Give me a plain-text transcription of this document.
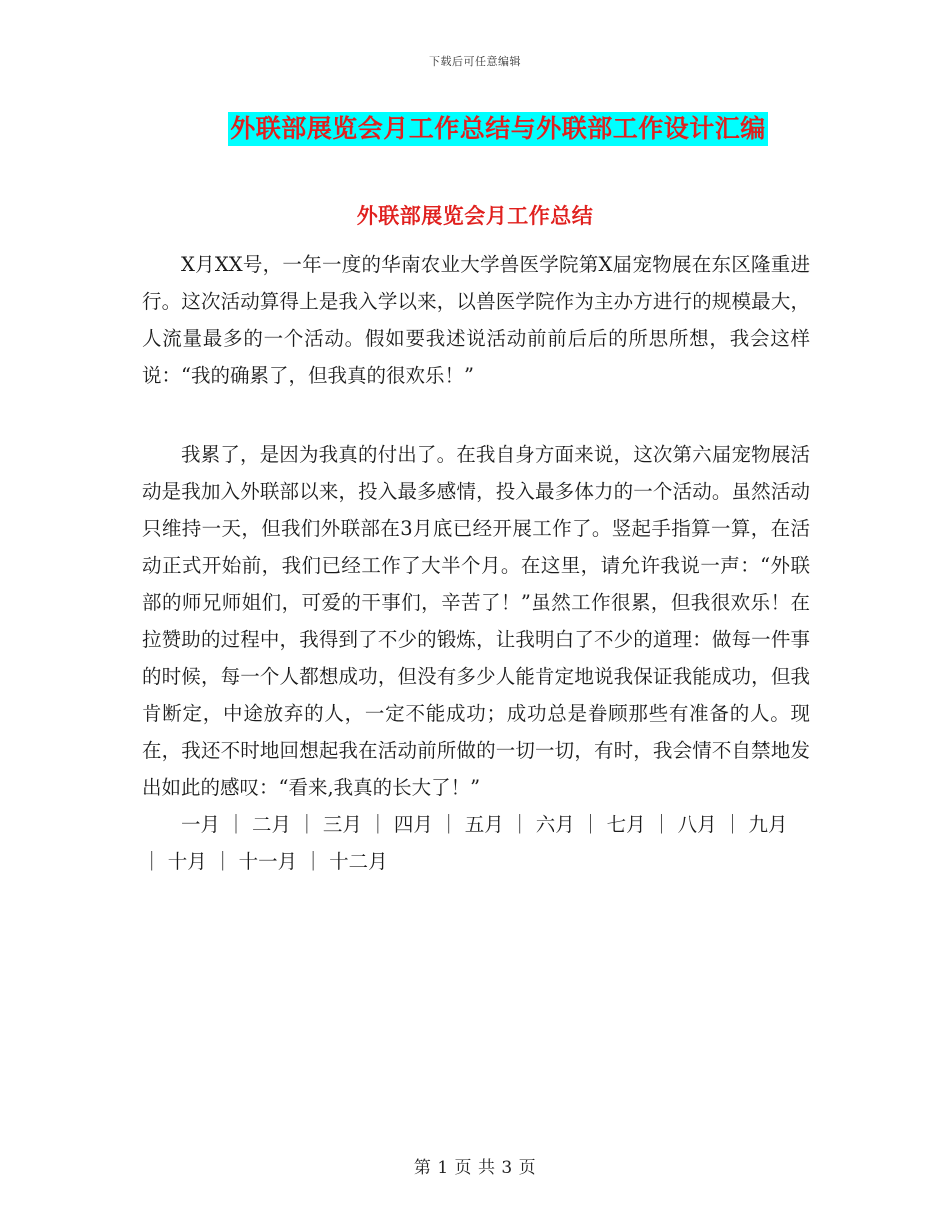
下载后可任意编辑
外联部展览会月工作总结与外联部工作设计汇编
外联部展览会月工作总结

X月XX号，一年一度的华南农业大学兽医学院第X届宠物展在东区隆重进行。这次活动算得上是我入学以来，以兽医学院作为主办方进行的规模最大，人流量最多的一个活动。假如要我述说活动前前后后的所思所想，我会这样说：“我的确累了，但我真的很欢乐！”

我累了，是因为我真的付出了。在我自身方面来说，这次第六届宠物展活动是我加入外联部以来，投入最多感情，投入最多体力的一个活动。虽然活动只维持一天，但我们外联部在3月底已经开展工作了。竖起手指算一算，在活动正式开始前，我们已经工作了大半个月。在这里，请允许我说一声：“外联部的师兄师姐们，可爱的干事们，辛苦了！”虽然工作很累，但我很欢乐！在拉赞助的过程中，我得到了不少的锻炼，让我明白了不少的道理：做每一件事的时候，每一个人都想成功，但没有多少人能肯定地说我保证我能成功，但我肯断定，中途放弃的人，一定不能成功；成功总是眷顾那些有准备的人。现在，我还不时地回想起我在活动前所做的一切一切，有时，我会情不自禁地发出如此的感叹：“看来,我真的长大了！”

一月 ｜ 二月 ｜ 三月 ｜ 四月 ｜ 五月 ｜ 六月 ｜ 七月 ｜ 八月 ｜ 九月 ｜ 十月 ｜ 十一月 ｜ 十二月

第 1 页 共 3 页
